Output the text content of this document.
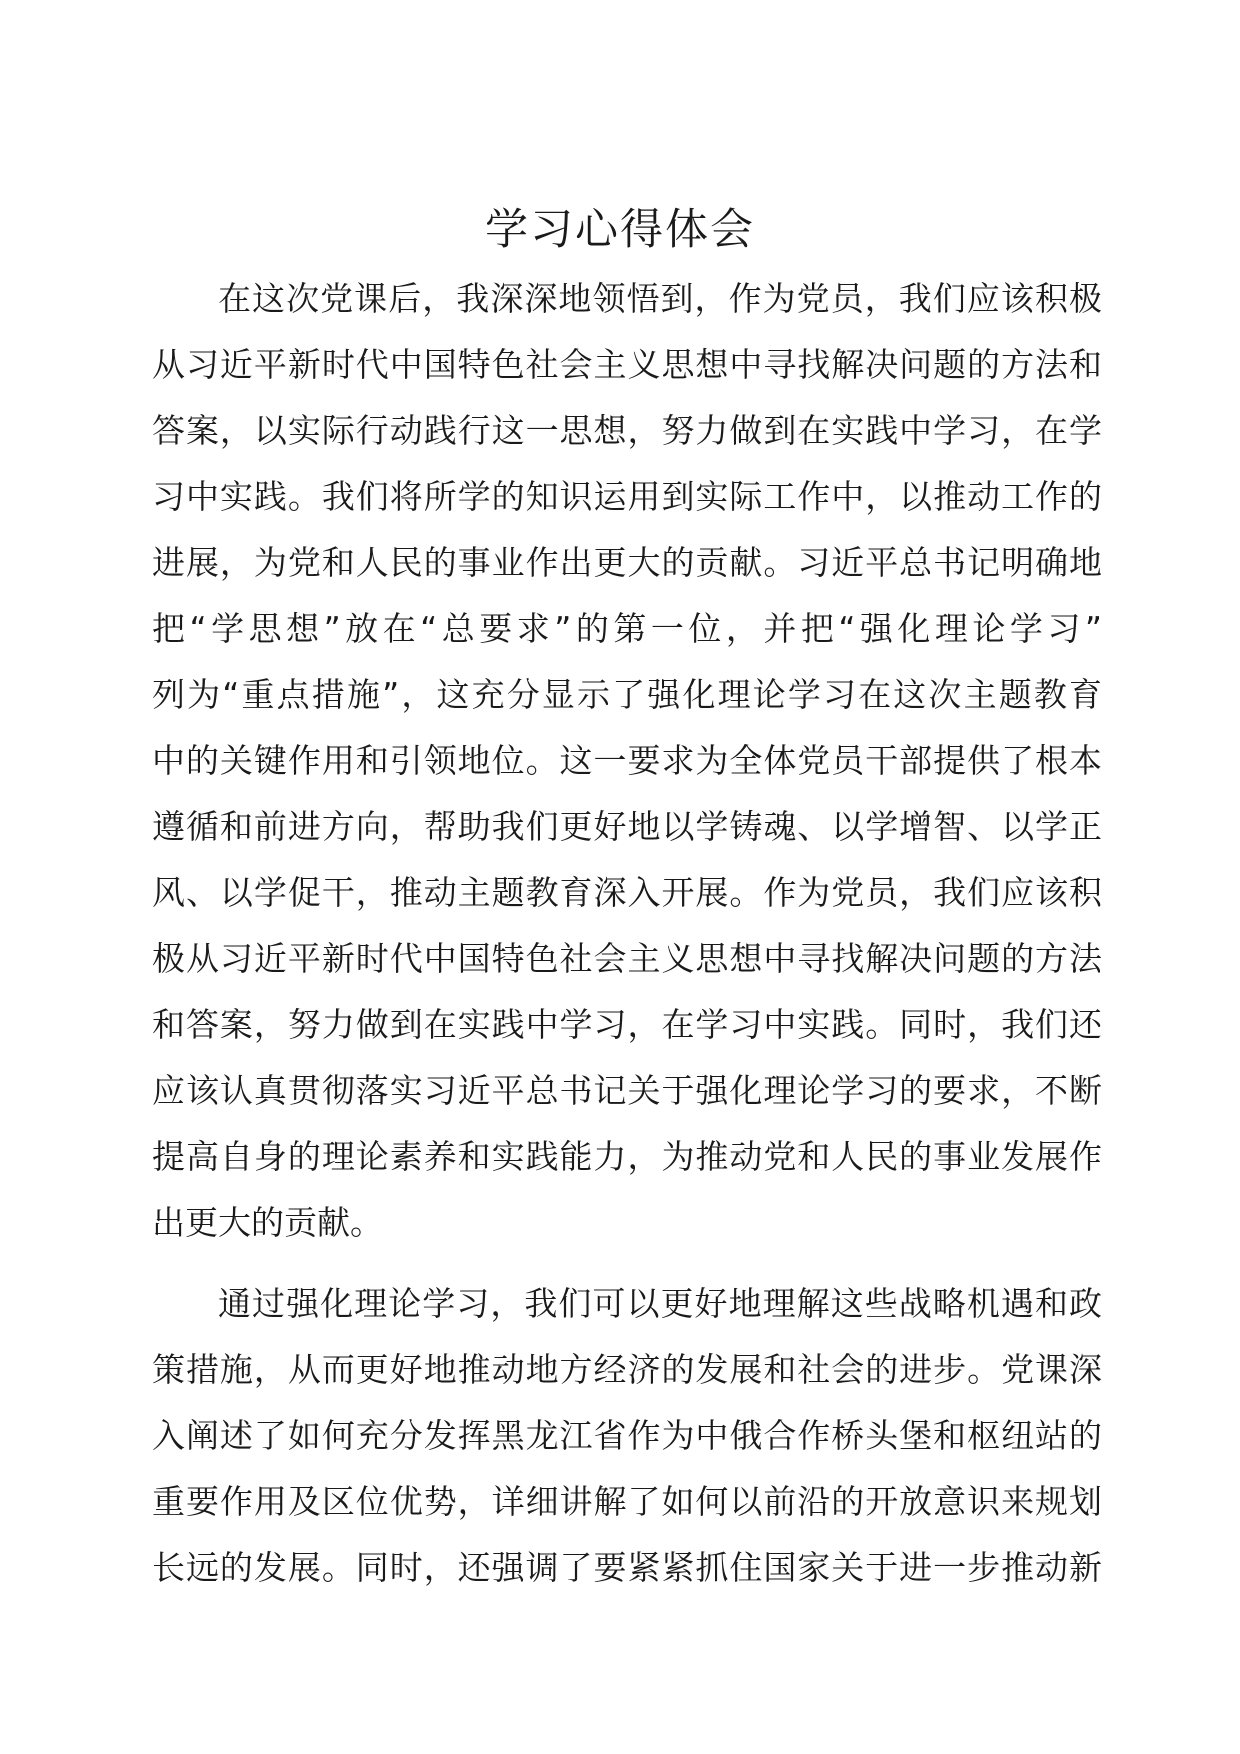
学习心得体会
在这次党课后，我深深地领悟到，作为党员，我们应该积极
从习近平新时代中国特色社会主义思想中寻找解决问题的方法和
答案，以实际行动践行这一思想，努力做到在实践中学习，在学
习中实践。我们将所学的知识运用到实际工作中，以推动工作的
进展，为党和人民的事业作出更大的贡献。习近平总书记明确地
把“学思想”放在“总要求”的第一位，并把“强化理论学习”
列为“重点措施”，这充分显示了强化理论学习在这次主题教育
中的关键作用和引领地位。这一要求为全体党员干部提供了根本
遵循和前进方向，帮助我们更好地以学铸魂、以学增智、以学正
风、以学促干，推动主题教育深入开展。作为党员，我们应该积
极从习近平新时代中国特色社会主义思想中寻找解决问题的方法
和答案，努力做到在实践中学习，在学习中实践。同时，我们还
应该认真贯彻落实习近平总书记关于强化理论学习的要求，不断
提高自身的理论素养和实践能力，为推动党和人民的事业发展作
出更大的贡献。
通过强化理论学习，我们可以更好地理解这些战略机遇和政
策措施，从而更好地推动地方经济的发展和社会的进步。党课深
入阐述了如何充分发挥黑龙江省作为中俄合作桥头堡和枢纽站的
重要作用及区位优势，详细讲解了如何以前沿的开放意识来规划
长远的发展。同时，还强调了要紧紧抓住国家关于进一步推动新
